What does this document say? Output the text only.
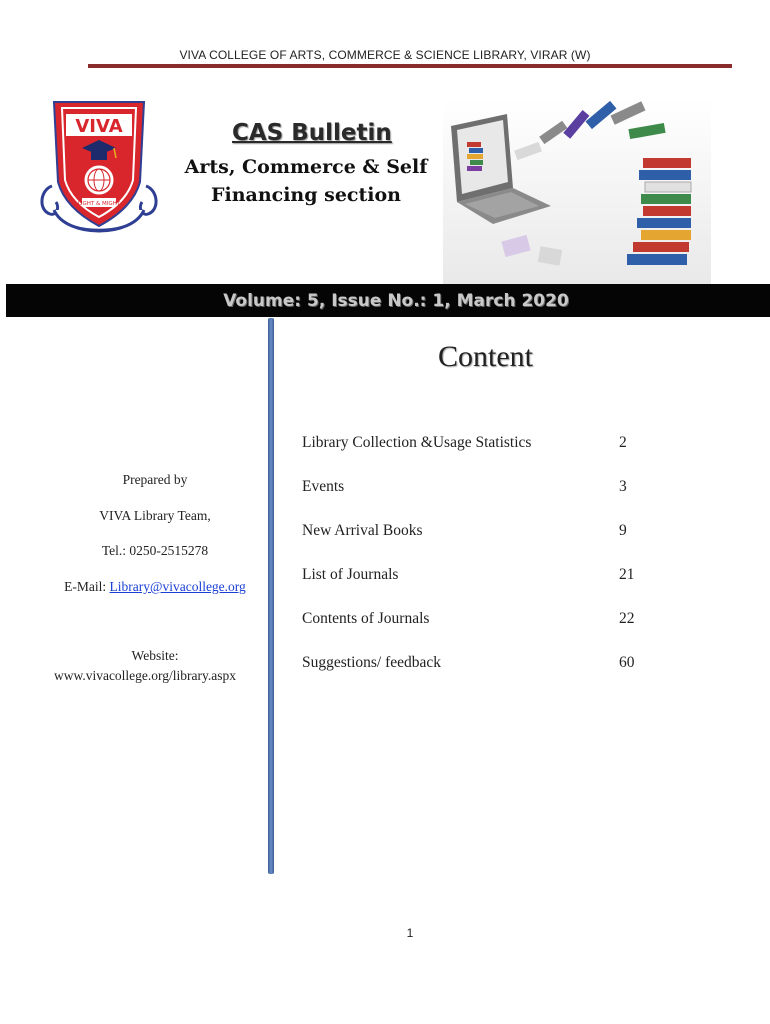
VIVA COLLEGE OF ARTS, COMMERCE & SCIENCE LIBRARY, VIRAR (W)
VIVA
LIGHT & MIGHT
CAS Bulletin
Arts, Commerce & Self
Financing section
Volume: 5, Issue No.: 1, March 2020
Content
Prepared by
VIVA Library Team,
Tel.: 0250-2515278
E-Mail: Library@vivacollege.org
Website:
www.vivacollege.org/library.aspx
Library Collection &Usage Statistics	2
Events	3
New Arrival Books	9
List of Journals	21
Contents of Journals	22
Suggestions/ feedback	60
1
